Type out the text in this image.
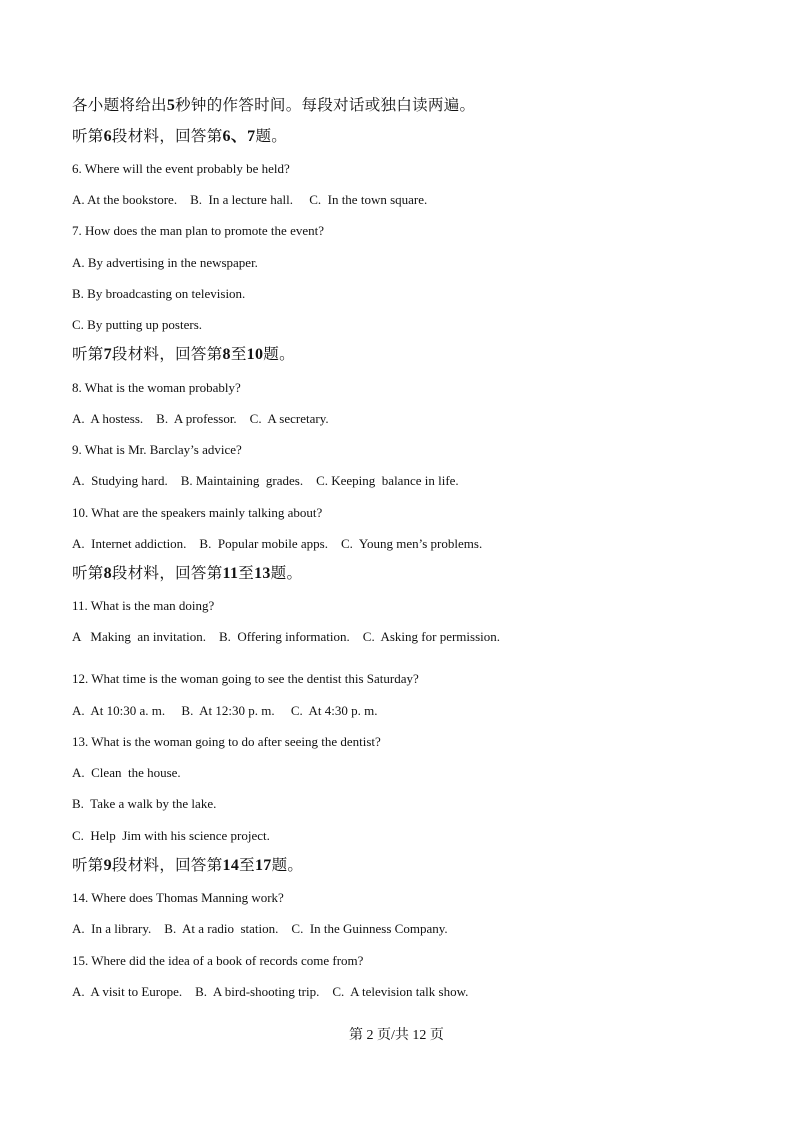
各小题将给出5秒钟的作答时间。每段对话或独白读两遍。
听第6段材料，回答第6、7题。
6. Where will the event probably be held?
A. At the bookstore.    B.  In a lecture hall.     C.  In the town square.
7. How does the man plan to promote the event?
A. By advertising in the newspaper.
B. By broadcasting on television.
C. By putting up posters.
听第7段材料，回答第8至10题。
8. What is the woman probably?
A.  A hostess.    B.  A professor.    C.  A secretary.
9. What is Mr. Barclay’s advice?
A.  Studying hard.    B. Maintaining  grades.    C. Keeping  balance in life.
10. What are the speakers mainly talking about?
A.  Internet addiction.    B.  Popular mobile apps.    C.  Young men’s problems.
听第8段材料，回答第11至13题。
11. What is the man doing?
A   Making  an invitation.    B.  Offering information.    C.  Asking for permission.
12. What time is the woman going to see the dentist this Saturday?
A.  At 10:30 a. m.     B.  At 12:30 p. m.     C.  At 4:30 p. m.
13. What is the woman going to do after seeing the dentist?
A.  Clean  the house.
B.  Take a walk by the lake.
C.  Help  Jim with his science project.
听第9段材料，回答第14至17题。
14. Where does Thomas Manning work?
A.  In a library.    B.  At a radio  station.    C.  In the Guinness Company.
15. Where did the idea of a book of records come from?
A.  A visit to Europe.    B.  A bird-shooting trip.    C.  A television talk show.
第 2 页/共 12 页
